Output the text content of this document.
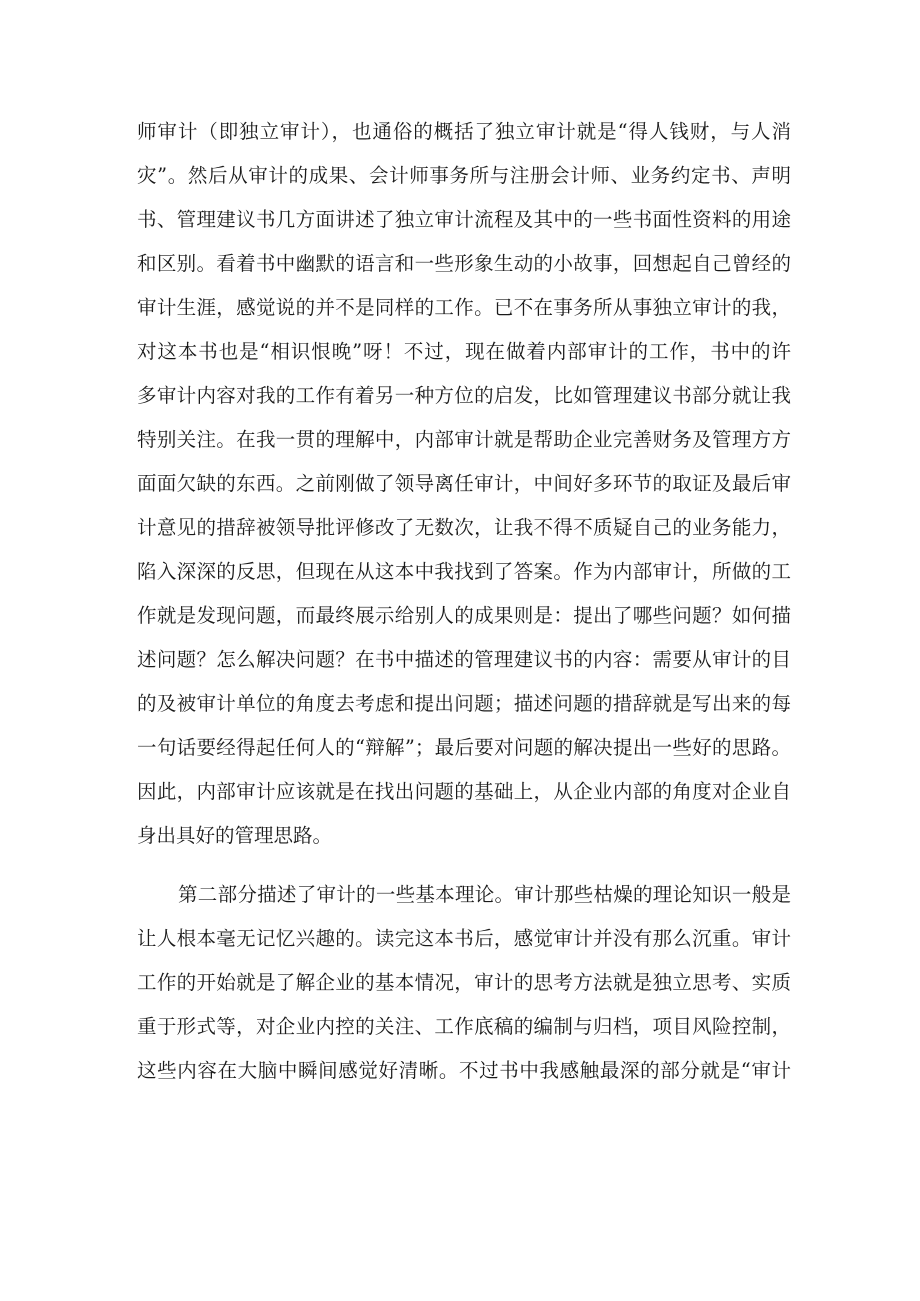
师审计（即独立审计），也通俗的概括了独立审计就是“得人钱财，与人消
灾”。然后从审计的成果、会计师事务所与注册会计师、业务约定书、声明
书、管理建议书几方面讲述了独立审计流程及其中的一些书面性资料的用途
和区别。看着书中幽默的语言和一些形象生动的小故事，回想起自己曾经的
审计生涯，感觉说的并不是同样的工作。已不在事务所从事独立审计的我，
对这本书也是“相识恨晚”呀！不过，现在做着内部审计的工作，书中的许
多审计内容对我的工作有着另一种方位的启发，比如管理建议书部分就让我
特别关注。在我一贯的理解中，内部审计就是帮助企业完善财务及管理方方
面面欠缺的东西。之前刚做了领导离任审计，中间好多环节的取证及最后审
计意见的措辞被领导批评修改了无数次，让我不得不质疑自己的业务能力，
陷入深深的反思，但现在从这本中我找到了答案。作为内部审计，所做的工
作就是发现问题，而最终展示给别人的成果则是：提出了哪些问题？如何描
述问题？怎么解决问题？在书中描述的管理建议书的内容：需要从审计的目
的及被审计单位的角度去考虑和提出问题；描述问题的措辞就是写出来的每
一句话要经得起任何人的“辩解”；最后要对问题的解决提出一些好的思路。
因此，内部审计应该就是在找出问题的基础上，从企业内部的角度对企业自
身出具好的管理思路。
第二部分描述了审计的一些基本理论。审计那些枯燥的理论知识一般是
让人根本毫无记忆兴趣的。读完这本书后，感觉审计并没有那么沉重。审计
工作的开始就是了解企业的基本情况，审计的思考方法就是独立思考、实质
重于形式等，对企业内控的关注、工作底稿的编制与归档，项目风险控制，
这些内容在大脑中瞬间感觉好清晰。不过书中我感触最深的部分就是“审计
